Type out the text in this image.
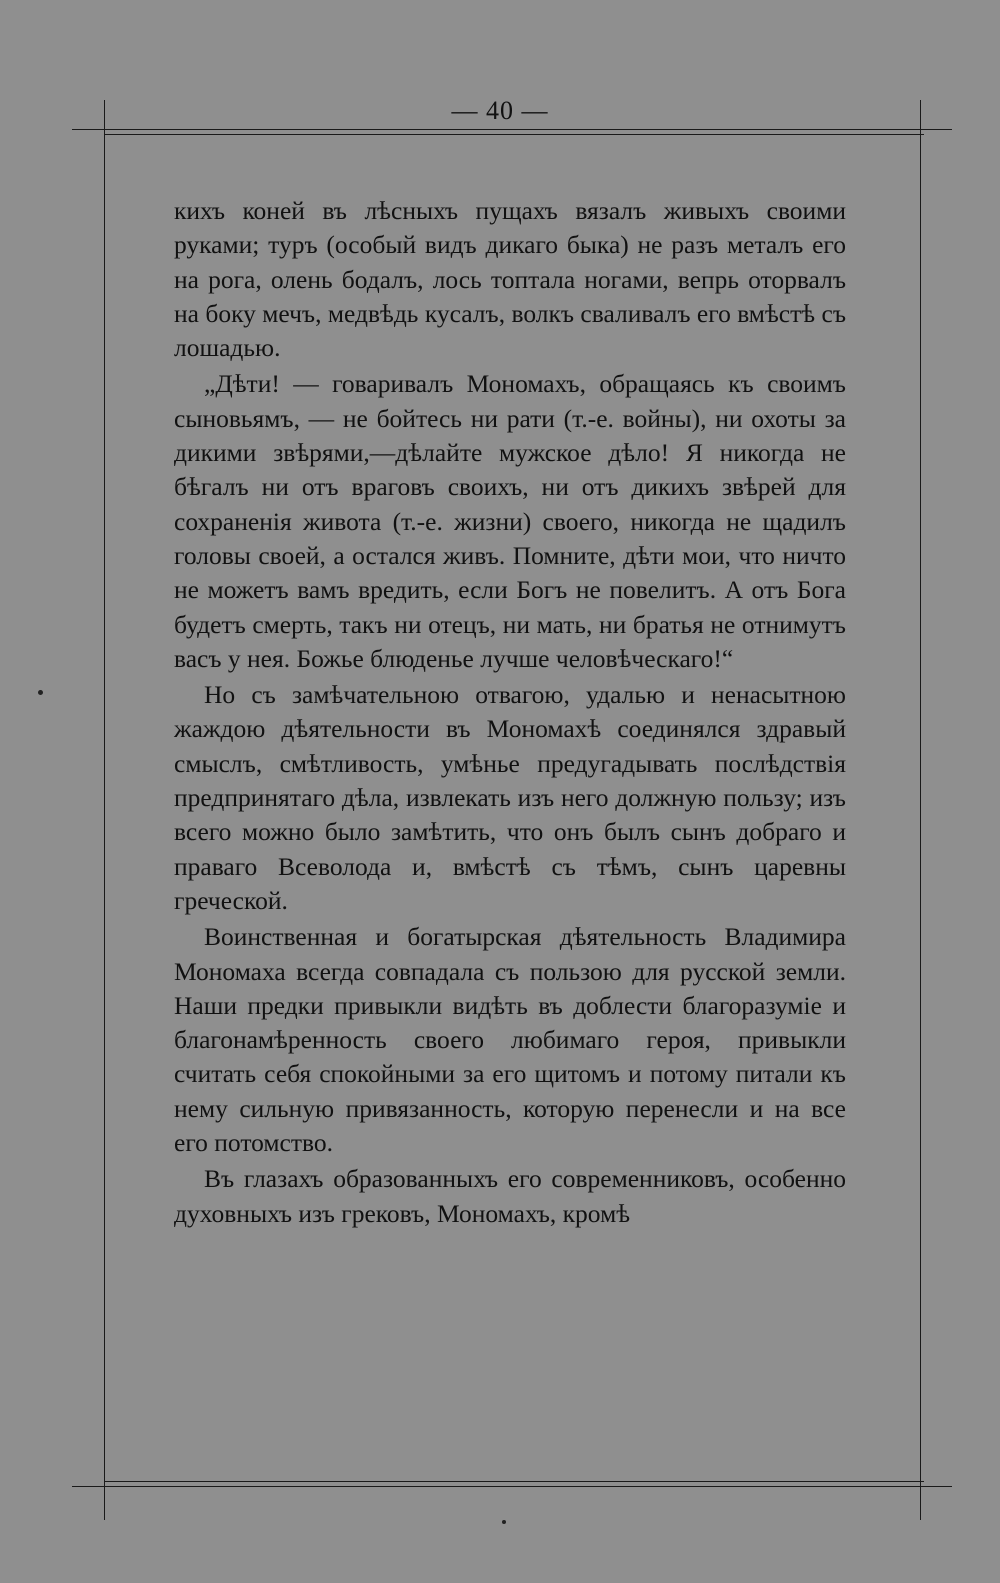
— 40 —

кихъ коней въ лѣсныхъ пущахъ вязалъ живыхъ своими руками; туръ (особый видъ дикаго быка) не разъ металъ его на рога, олень бодалъ, лось топтала ногами, вепрь оторвалъ на боку мечъ, медвѣдь кусалъ, волкъ сваливалъ его вмѣстѣ съ лошадью.

„Дѣти! — говаривалъ Мономахъ, обращаясь къ своимъ сыновьямъ, — не бойтесь ни рати (т.-е. войны), ни охоты за дикими звѣрями,—дѣлайте мужское дѣло! Я никогда не бѣгалъ ни отъ враговъ своихъ, ни отъ дикихъ звѣрей для сохраненія живота (т.-е. жизни) своего, никогда не щадилъ головы своей, а остался живъ. Помните, дѣти мои, что ничто не можетъ вамъ вредить, если Богъ не повелитъ. А отъ Бога будетъ смерть, такъ ни отецъ, ни мать, ни братья не отнимутъ васъ у нея. Божье блюденье лучше человѣческаго!“

Но съ замѣчательною отвагою, удалью и ненасытною жаждою дѣятельности въ Мономахѣ соединялся здравый смыслъ, смѣтливость, умѣнье предугадывать послѣдствія предпринятаго дѣла, извлекать изъ него должную пользу; изъ всего можно было замѣтить, что онъ былъ сынъ добраго и праваго Всеволода и, вмѣстѣ съ тѣмъ, сынъ царевны греческой.

Воинственная и богатырская дѣятельность Владимира Мономаха всегда совпадала съ пользою для русской земли. Наши предки привыкли видѣть въ доблести благоразуміе и благонамѣренность своего любимаго героя, привыкли считать себя спокойными за его щитомъ и потому питали къ нему сильную привязанность, которую перенесли и на все его потомство.

Въ глазахъ образованныхъ его современниковъ, особенно духовныхъ изъ грековъ, Мономахъ, кромѣ
